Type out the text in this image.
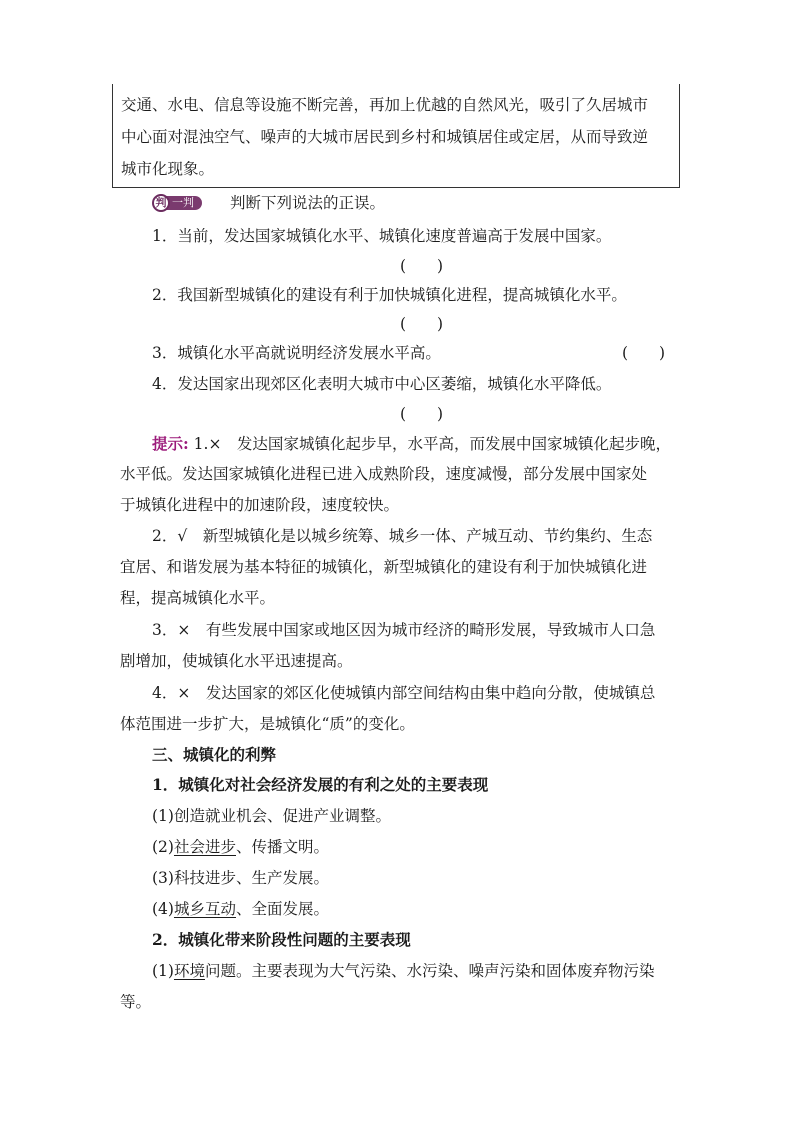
交通、水电、信息等设施不断完善，再加上优越的自然风光，吸引了久居城市

中心面对混浊空气、噪声的大城市居民到乡村和城镇居住或定居，从而导致逆

城市化现象。

判 一判	判断下列说法的正误。
1．当前，发达国家城镇化水平、城镇化速度普遍高于发展中国家。
(　　)
2．我国新型城镇化的建设有利于加快城镇化进程，提高城镇化水平。
(　　)
3．城镇化水平高就说明经济发展水平高。	(　　)
4．发达国家出现郊区化表明大城市中心区萎缩，城镇化水平降低。
(　　)
提示: 1.×　发达国家城镇化起步早，水平高，而发展中国家城镇化起步晚，
水平低。发达国家城镇化进程已进入成熟阶段，速度减慢，部分发展中国家处
于城镇化进程中的加速阶段，速度较快。
2．√　新型城镇化是以城乡统筹、城乡一体、产城互动、节约集约、生态
宜居、和谐发展为基本特征的城镇化，新型城镇化的建设有利于加快城镇化进
程，提高城镇化水平。
3．×　有些发展中国家或地区因为城市经济的畸形发展，导致城市人口急
剧增加，使城镇化水平迅速提高。
4．×　发达国家的郊区化使城镇内部空间结构由集中趋向分散，使城镇总
体范围进一步扩大，是城镇化“质”的变化。
三、城镇化的利弊
1．城镇化对社会经济发展的有利之处的主要表现
(1)创造就业机会、促进产业调整。
(2)社会进步、传播文明。
(3)科技进步、生产发展。
(4)城乡互动、全面发展。
2．城镇化带来阶段性问题的主要表现
(1)环境问题。主要表现为大气污染、水污染、噪声污染和固体废弃物污染
等。
